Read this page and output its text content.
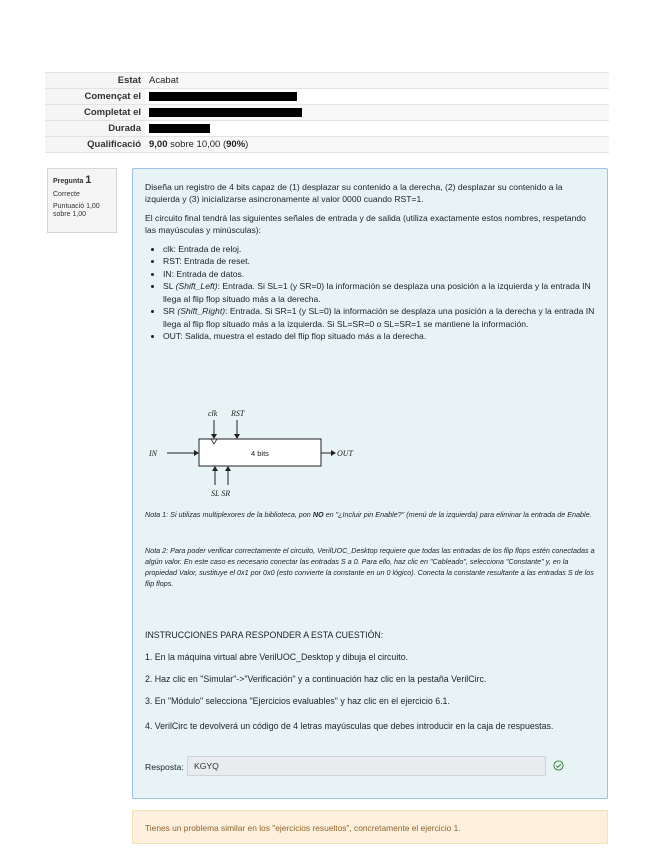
Estat	Acabat
Començat el	
Completat el	
Durada	
Qualificació	9,00 sobre 10,00 (90%)
Pregunta 1
Correcte
Puntuació 1,00 sobre 1,00

Diseña un registro de 4 bits capaz de (1) desplazar su contenido a la derecha, (2) desplazar su contenido a la izquierda y (3) inicializarse asincronamente al valor 0000 cuando RST=1.

El circuito final tendrá las siguientes señales de entrada y de salida (utiliza exactamente estos nombres, respetando las mayúsculas y minúsculas):

• clk: Entrada de reloj.
• RST: Entrada de reset.
• IN: Entrada de datos.
• SL (Shift_Left): Entrada. Si SL=1 (y SR=0) la información se desplaza una posición a la izquierda y la entrada IN llega al flip flop situado más a la derecha.
• SR (Shift_Right): Entrada. Si SR=1 (y SL=0) la información se desplaza una posición a la derecha y la entrada IN llega al flip flop situado más a la izquierda. Si SL=SR=0 o SL=SR=1 se mantiene la información.
• OUT: Salida, muestra el estado del flip flop situado más a la derecha.
clk RST
IN	OUT
SL SR
4 bits
Nota 1: Si utilizas multiplexores de la biblioteca, pon NO en "¿Incluir pin Enable?" (menú de la izquierda) para eliminar la entrada de Enable.
Nota 2: Para poder verificar correctamente el circuito, VerilUOC_Desktop requiere que todas las entradas de los flip flops estén conectadas a algún valor. En este caso es necesario conectar las entradas S a 0. Para ello, haz clic en "Cableado", selecciona "Constante" y, en la propiedad Valor, sustituye el 0x1 por 0x0 (esto convierte la constante en un 0 lógico). Conecta la constante resultante a las entradas S de los flip flops.
INSTRUCCIONES PARA RESPONDER A ESTA CUESTIÓN:
1. En la máquina virtual abre VerilUOC_Desktop y dibuja el circuito.
2. Haz clic en "Simular"->"Verificación" y a continuación haz clic en la pestaña VerilCirc.
3. En "Módulo" selecciona "Ejercicios evaluables" y haz clic en el ejercicio 6.1.
4. VerilCirc te devolverá un código de 4 letras mayúsculas que debes introducir en la caja de respuestas.
Resposta:
KGYQ
Tienes un problema similar en los "ejercicios resueltos", concretamente el ejercicio 1.
